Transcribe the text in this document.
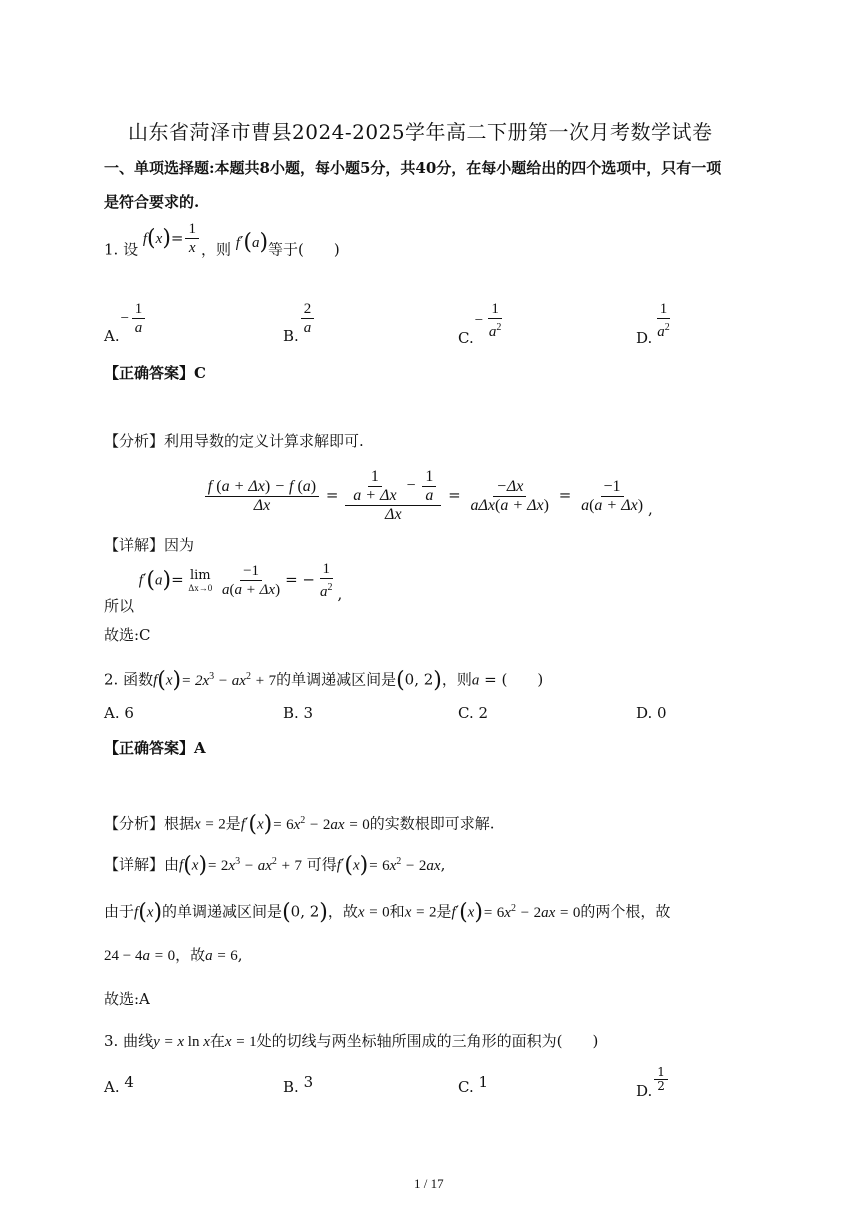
山东省菏泽市曹县2024-2025学年高二下册第一次月考数学试卷
一、单项选择题:本题共8小题，每小题5分，共40分，在每小题给出的四个选项中，只有一项
是符合要求的.
1. 设 $f(x)= \frac{1}{x}$ ，则 f′(a)等于(　　)
$A.- \frac{1}{a}$	B. $\frac{2}{a}$
$C.- \frac{1}{a^2}$	D. $\frac{1}{a^2}$
【正确答案】C
【分析】利用导数的定义计算求解即可.
【详解】因为
$\frac{f (a + \Delta x) - f (a)}{\Delta x} = \frac{\frac{1}{a + \Delta x} - \frac{1}{a}}{\Delta x} = \frac{-\Delta x}{\text{aΔx(a + Δx)}} = \frac{-1}{a(a + \Delta x)}$ ,
所以 f′(a)= lim
Δx→0
$\frac{-1}{a(a + \Delta x)}$ = − $\frac{1}{a^2}$ ,
故选:C
2. 函数$f(x)= 2x^3 - ax^2 + 7$的单调递减区间是(0, 2)，则a = (　　)
A. 6	B. 3	C. 2	D. 0
【正确答案】A
【分析】根据x = 2是$f'(x)= 6x^2 - 2ax = 0$的实数根即可求解.
【详解】由$f(x)= 2x^3 - ax^2 + 7$ 可得$f'(x)= 6x^2 - 2ax$,
由于f(x)的单调递减区间是(0, 2)，故x = 0和x = 2是$f'(x)= 6x^2 - 2ax = 0$的两个根，故
24 − 4a = 0，故a = 6,
故选:A
3. 曲线y = x ln x在x = 1处的切线与两坐标轴所围成的三角形的面积为(　　)
A. 4	B. 3	C. 1	D. $\frac{1}{2}$
1 / 17
